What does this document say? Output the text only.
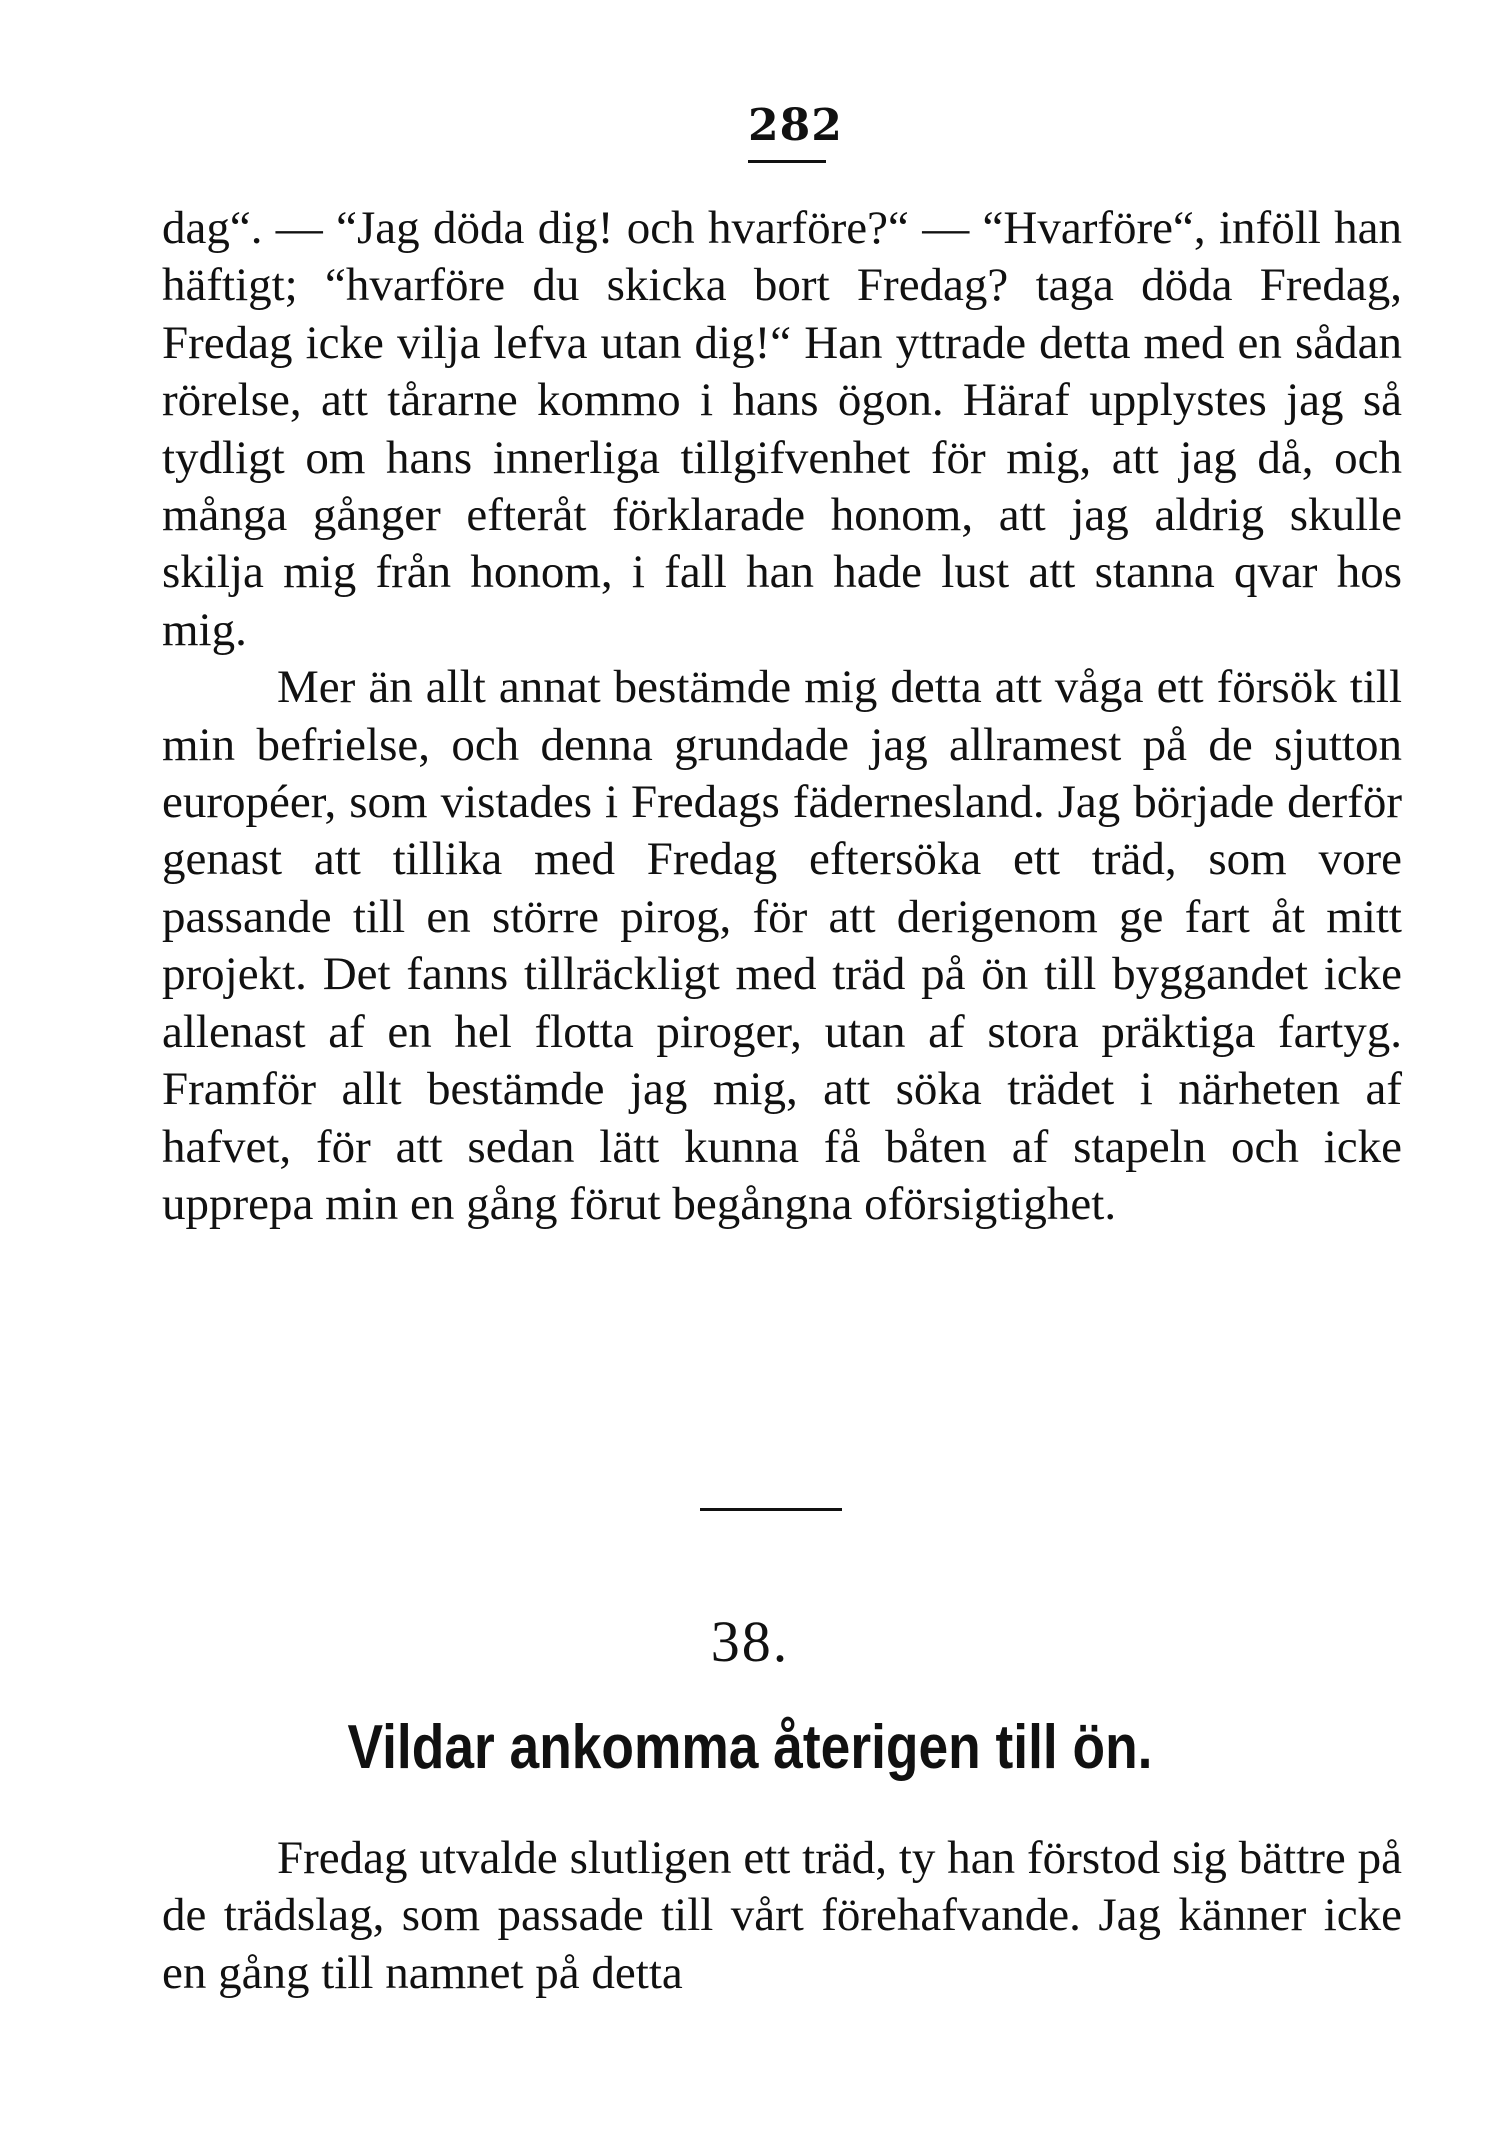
282

dag“. — “Jag döda dig! och hvarföre?“ — “Hvarföre“, inföll han häftigt; “hvarföre du skicka bort Fredag? taga döda Fredag, Fredag icke vilja lefva utan dig!“ Han yttrade detta med en sådan rörelse, att tårarne kommo i hans ögon. Häraf upplystes jag så tydligt om hans innerliga tillgifvenhet för mig, att jag då, och många gånger efteråt förklarade honom, att jag aldrig skulle skilja mig från honom, i fall han hade lust att stanna qvar hos mig.

Mer än allt annat bestämde mig detta att våga ett försök till min befrielse, och denna grundade jag allramest på de sjutton européer, som vistades i Fredags fädernesland. Jag började derför genast att tillika med Fredag eftersöka ett träd, som vore passande till en större pirog, för att derigenom ge fart åt mitt projekt. Det fanns tillräckligt med träd på ön till byggandet icke allenast af en hel flotta piroger, utan af stora präktiga fartyg. Framför allt bestämde jag mig, att söka trädet i närheten af hafvet, för att sedan lätt kunna få båten af stapeln och icke upprepa min en gång förut begångna oförsigtighet.

38.
Vildar ankomma återigen till ön.

Fredag utvalde slutligen ett träd, ty han förstod sig bättre på de trädslag, som passade till vårt förehafvande. Jag känner icke en gång till namnet på detta
